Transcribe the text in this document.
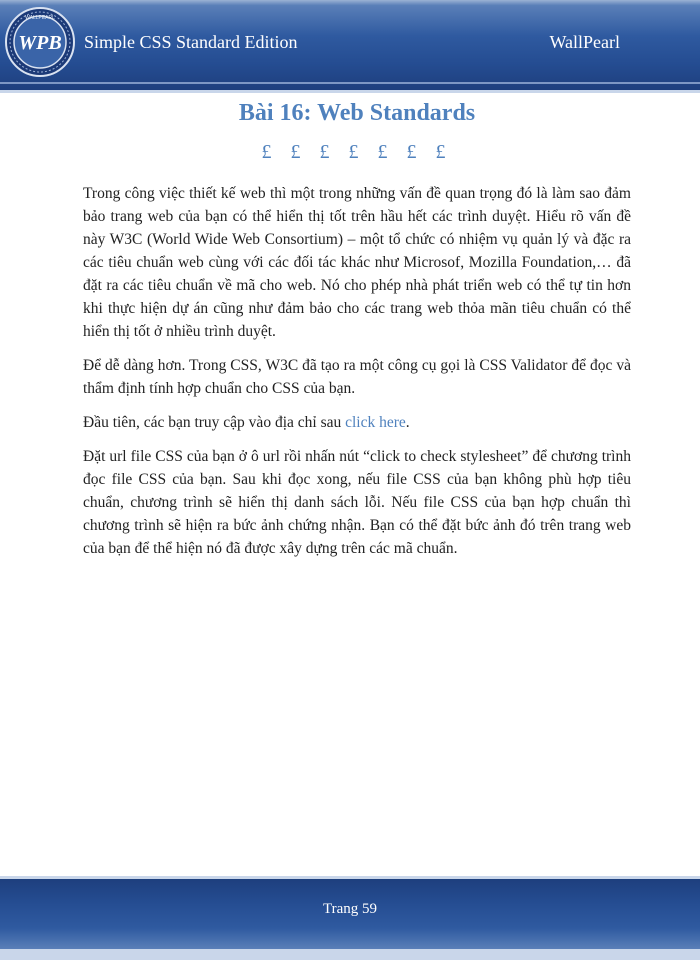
WPB
WALLPEARL
Simple CSS Standard Edition	WallPearl
Bài 16: Web Standards
£ £ £ £ £ £ £

Trong công việc thiết kế web thì một trong những vấn đề quan trọng đó là làm sao đảm bảo trang web của bạn có thể hiển thị tốt trên hầu hết các trình duyệt. Hiểu rõ vấn đề này W3C (World Wide Web Consortium) – một tổ chức có nhiệm vụ quản lý và đặc ra các tiêu chuẩn web cùng với các đối tác khác như Microsof, Mozilla Foundation,… đã đặt ra các tiêu chuẩn về mã cho web. Nó cho phép nhà phát triển web có thể tự tin hơn khi thực hiện dự án cũng như đảm bảo cho các trang web thỏa mãn tiêu chuẩn có thể hiển thị tốt ở nhiều trình duyệt.

Để dễ dàng hơn. Trong CSS, W3C đã tạo ra một công cụ gọi là CSS Validator để đọc và thẩm định tính hợp chuẩn cho CSS của bạn.

Đầu tiên, các bạn truy cập vào địa chỉ sau click here.

Đặt url file CSS của bạn ở ô url rồi nhấn nút “click to check stylesheet” để chương trình đọc file CSS của bạn. Sau khi đọc xong, nếu file CSS của bạn không phù hợp tiêu chuẩn, chương trình sẽ hiển thị danh sách lỗi. Nếu file CSS của bạn hợp chuẩn thì chương trình sẽ hiện ra bức ảnh chứng nhận. Bạn có thể đặt bức ảnh đó trên trang web của bạn để thể hiện nó đã được xây dựng trên các mã chuẩn.

Trang 59
